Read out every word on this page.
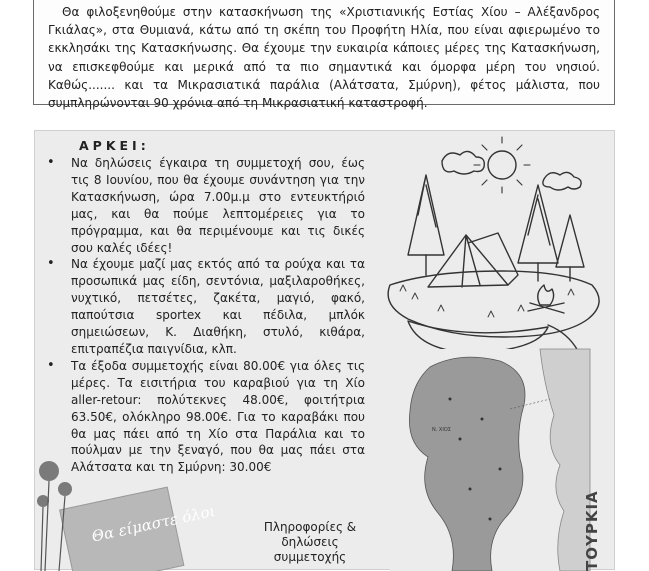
Θα φιλοξενηθούμε στην κατασκήνωση της «Χριστιανικής Εστίας Χίου – Αλέξανδρος Γκιάλας», στα Θυμιανά, κάτω από τη σκέπη του Προφήτη Ηλία, που είναι αφιερωμένο το εκκλησάκι της Κατασκήνωσης. Θα έχουμε την ευκαιρία κάποιες μέρες της Κατασκήνωση, να επισκεφθούμε και μερικά από τα πιο σημαντικά και όμορφα μέρη του νησιού. Καθώς....... και τα Μικρασιατικά παράλια (Αλάτσατα, Σμύρνη), φέτος μάλιστα, που συμπληρώνονται 90 χρόνια από τη Μικρασιατική καταστροφή.

ΑΡΚΕΙ:
• Να δηλώσεις έγκαιρα τη συμμετοχή σου, έως τις 8 Ιουνίου, που θα έχουμε συνάντηση για την Κατασκήνωση, ώρα 7.00μ.μ στο εντευκτήριό μας, και θα πούμε λεπτομέρειες για το πρόγραμμα, και θα περιμένουμε και τις δικές σου καλές ιδέες!
• Να έχουμε μαζί μας εκτός από τα ρούχα και τα προσωπικά μας είδη, σεντόνια, μαξιλαροθήκες, νυχτικό, πετσέτες, ζακέτα, μαγιό, φακό, παπούτσια sportex και πέδιλα, μπλόκ σημειώσεων, Κ. Διαθήκη, στυλό, κιθάρα, επιτραπέζια παιγνίδια, κλπ.
• Τα έξοδα συμμετοχής είναι 80.00€ για όλες τις μέρες. Τα εισιτήρια του καραβιού για τη Χίο aller-retour: πολύτεκνες 48.00€, φοιτήτρια 63.50€, ολόκληρο 98.00€. Για το καραβάκι που θα μας πάει από τη Χίο στα Παράλια και το πούλμαν με την ξεναγό, που θα μας πάει στα Αλάτσατα και τη Σμύρνη: 30.00€
Ν. ΧΙΟΣ
ΤΟΥΡΚΙΑ
Θα είμαστε όλοι	Πληροφορίες &
δηλώσεις συμμετοχής
